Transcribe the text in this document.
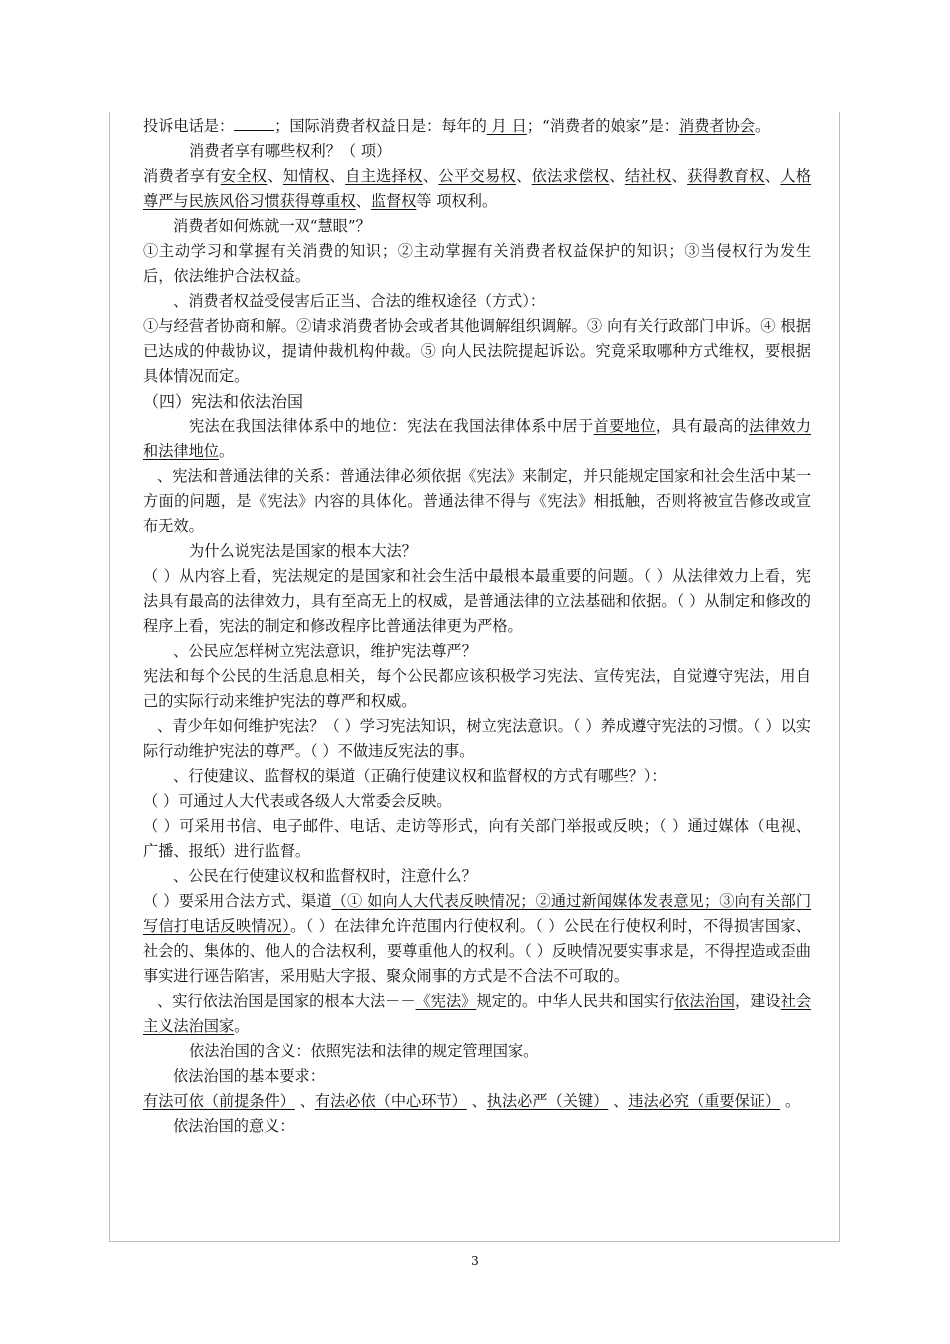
投诉电话是：	；国际消费者权益日是：每年的 月 日；“消费者的娘家”是：消费者协会。

消费者享有哪些权利？（ 项）

消费者享有安全权、知情权、自主选择权、公平交易权、依法求偿权、结社权、获得教育权、人格尊严与民族风俗习惯获得尊重权、监督权等 项权利。

消费者如何炼就一双“慧眼”？

①主动学习和掌握有关消费的知识；②主动掌握有关消费者权益保护的知识；③当侵权行为发生后，依法维护合法权益。

、消费者权益受侵害后正当、合法的维权途径（方式）：

①与经营者协商和解。②请求消费者协会或者其他调解组织调解。③ 向有关行政部门申诉。④ 根据已达成的仲裁协议，提请仲裁机构仲裁。⑤ 向人民法院提起诉讼。究竟采取哪种方式维权，要根据具体情况而定。

（四）宪法和依法治国

宪法在我国法律体系中的地位：宪法在我国法律体系中居于首要地位，具有最高的法律效力和法律地位。

、宪法和普通法律的关系：普通法律必须依据《宪法》来制定，并只能规定国家和社会生活中某一方面的问题，是《宪法》内容的具体化。普通法律不得与《宪法》相抵触，否则将被宣告修改或宣布无效。

为什么说宪法是国家的根本大法？

（ ）从内容上看，宪法规定的是国家和社会生活中最根本最重要的问题。（ ）从法律效力上看，宪法具有最高的法律效力，具有至高无上的权威，是普通法律的立法基础和依据。（ ）从制定和修改的程序上看，宪法的制定和修改程序比普通法律更为严格。

、公民应怎样树立宪法意识，维护宪法尊严？

宪法和每个公民的生活息息相关，每个公民都应该积极学习宪法、宣传宪法，自觉遵守宪法，用自己的实际行动来维护宪法的尊严和权威。

、青少年如何维护宪法？（ ）学习宪法知识，树立宪法意识。（ ）养成遵守宪法的习惯。（ ）以实际行动维护宪法的尊严。（ ）不做违反宪法的事。

、行使建议、监督权的渠道（正确行使建议权和监督权的方式有哪些？）：

（ ）可通过人大代表或各级人大常委会反映。

（ ）可采用书信、电子邮件、电话、走访等形式，向有关部门举报或反映；（ ）通过媒体（电视、广播、报纸）进行监督。

、公民在行使建议权和监督权时，注意什么？

（ ）要采用合法方式、渠道（① 如向人大代表反映情况；②通过新闻媒体发表意见；③向有关部门写信打电话反映情况）。（ ）在法律允许范围内行使权利。（ ）公民在行使权利时，不得损害国家、社会的、集体的、他人的合法权利，要尊重他人的权利。（ ）反映情况要实事求是，不得捏造或歪曲事实进行诬告陷害，采用贴大字报、聚众闹事的方式是不合法不可取的。

、实行依法治国是国家的根本大法－－《宪法》规定的。中华人民共和国实行依法治国，建设社会主义法治国家。

依法治国的含义：依照宪法和法律的规定管理国家。

依法治国的基本要求：

有法可依（前提条件） 、有法必依（中心环节） 、执法必严（关键） 、违法必究（重要保证） 。

依法治国的意义：

3
